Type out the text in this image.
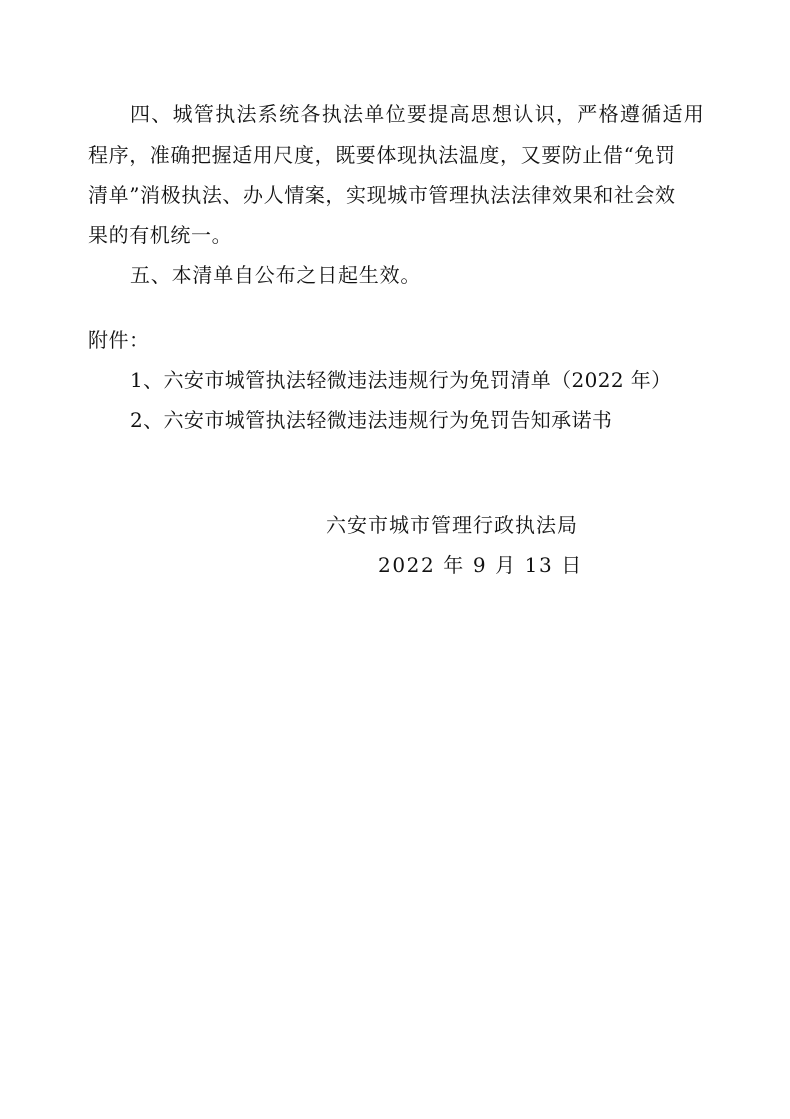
四、城管执法系统各执法单位要提高思想认识，严格遵循适用
程序，准确把握适用尺度，既要体现执法温度，又要防止借“免罚
清单”消极执法、办人情案，实现城市管理执法法律效果和社会效
果的有机统一。
五、本清单自公布之日起生效。
附件：
1、六安市城管执法轻微违法违规行为免罚清单（2022 年）
2、六安市城管执法轻微违法违规行为免罚告知承诺书
六安市城市管理行政执法局
2022 年 9 月 13 日
